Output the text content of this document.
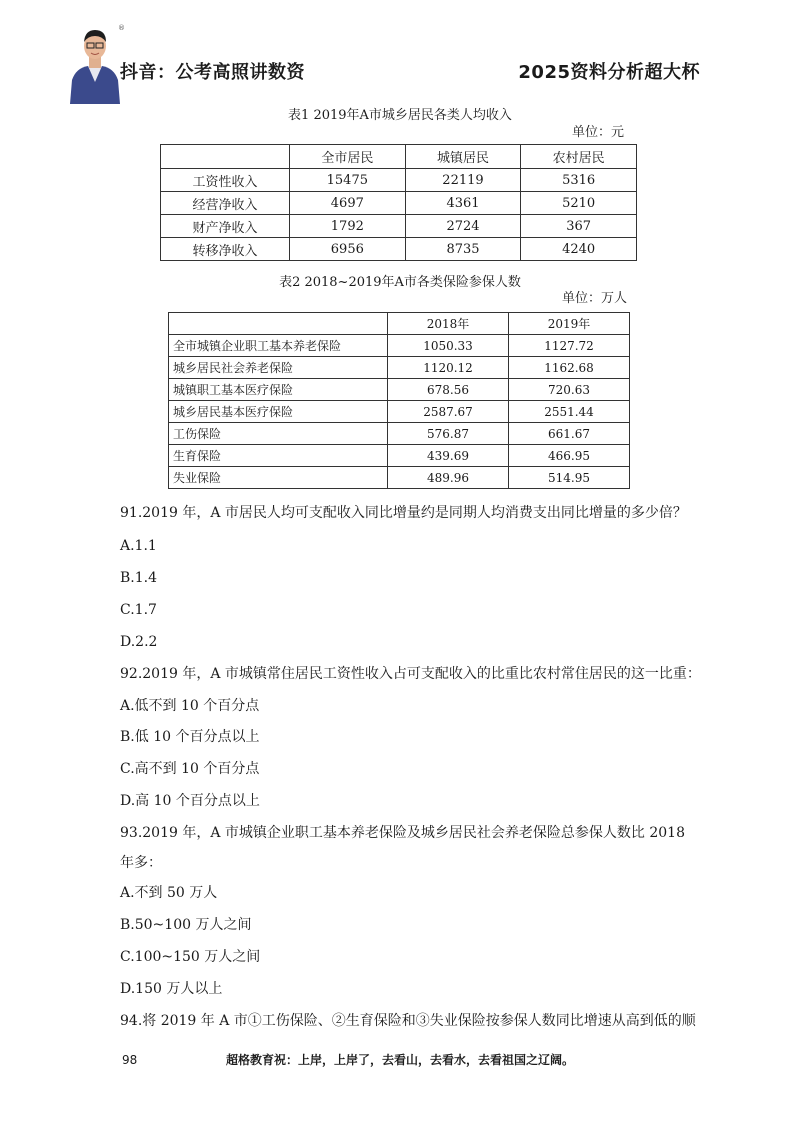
®
抖音：公考高照讲数资	2025资料分析超大杯
表1 2019年A市城乡居民各类人均收入
单位：元
	全市居民	城镇居民	农村居民
工资性收入	15475	22119	5316
经营净收入	4697	4361	5210
财产净收入	1792	2724	367
转移净收入	6956	8735	4240
表2 2018~2019年A市各类保险参保人数
单位：万人
	2018年	2019年
全市城镇企业职工基本养老保险	1050.33	1127.72
城乡居民社会养老保险	1120.12	1162.68
城镇职工基本医疗保险	678.56	720.63
城乡居民基本医疗保险	2587.67	2551.44
工伤保险	576.87	661.67
生育保险	439.69	466.95
失业保险	489.96	514.95
91.2019 年，A 市居民人均可支配收入同比增量约是同期人均消费支出同比增量的多少倍？
A.1.1
B.1.4
C.1.7
D.2.2
92.2019 年，A 市城镇常住居民工资性收入占可支配收入的比重比农村常住居民的这一比重：
A.低不到 10 个百分点
B.低 10 个百分点以上
C.高不到 10 个百分点
D.高 10 个百分点以上
93.2019 年，A 市城镇企业职工基本养老保险及城乡居民社会养老保险总参保人数比 2018
年多：
A.不到 50 万人
B.50~100 万人之间
C.100~150 万人之间
D.150 万人以上
94.将 2019 年 A 市①工伤保险、②生育保险和③失业保险按参保人数同比增速从高到低的顺
98	超格教育祝：上岸，上岸了，去看山，去看水，去看祖国之辽阔。
